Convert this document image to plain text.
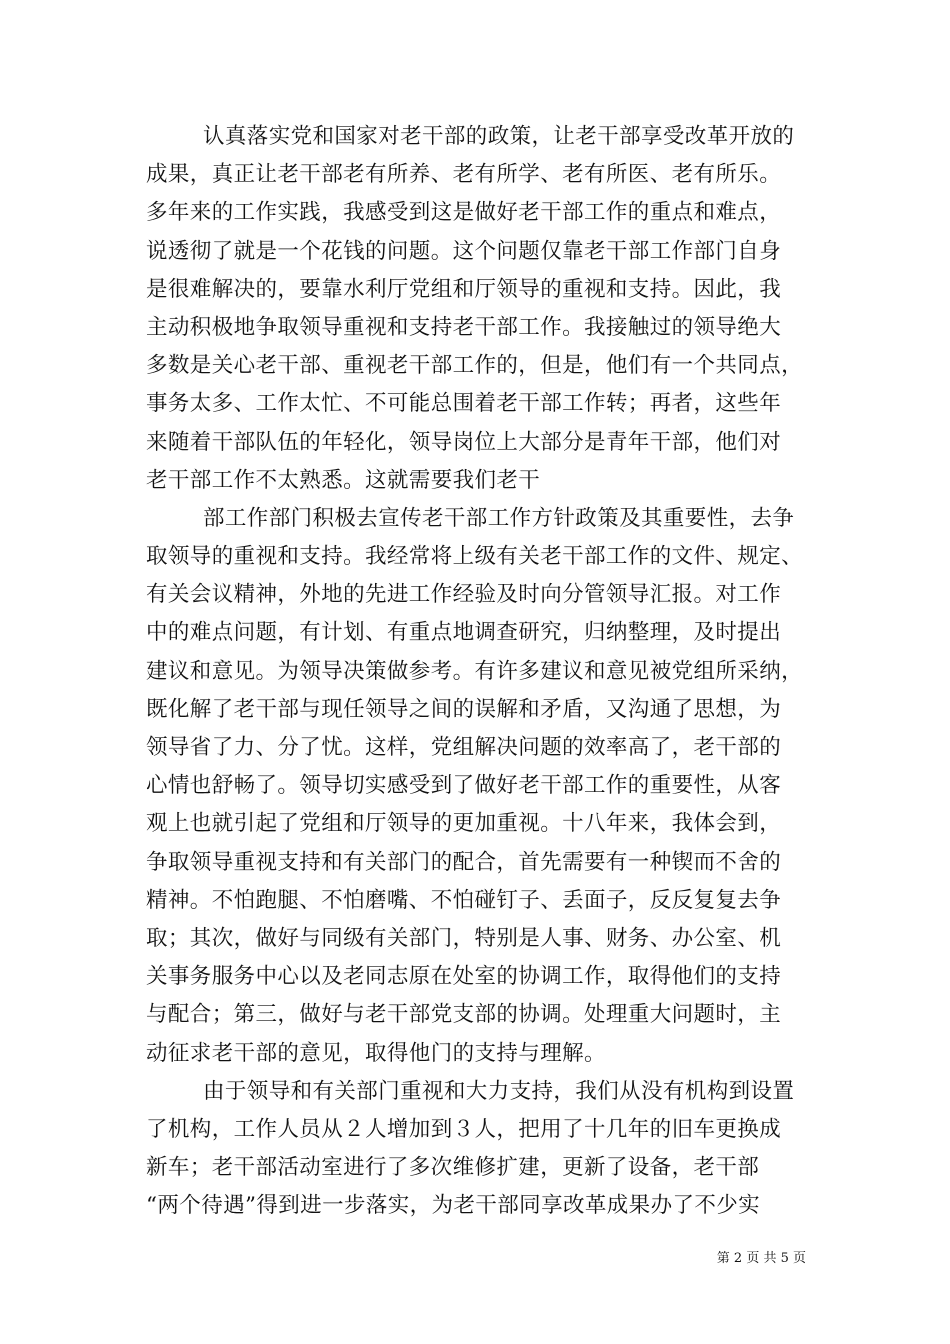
认真落实党和国家对老干部的政策，让老干部享受改革开放的
成果，真正让老干部老有所养、老有所学、老有所医、老有所乐。
多年来的工作实践，我感受到这是做好老干部工作的重点和难点，
说透彻了就是一个花钱的问题。这个问题仅靠老干部工作部门自身
是很难解决的，要靠水利厅党组和厅领导的重视和支持。因此，我
主动积极地争取领导重视和支持老干部工作。我接触过的领导绝大
多数是关心老干部、重视老干部工作的，但是，他们有一个共同点，
事务太多、工作太忙、不可能总围着老干部工作转；再者，这些年
来随着干部队伍的年轻化，领导岗位上大部分是青年干部，他们对
老干部工作不太熟悉。这就需要我们老干
部工作部门积极去宣传老干部工作方针政策及其重要性，去争
取领导的重视和支持。我经常将上级有关老干部工作的文件、规定、
有关会议精神，外地的先进工作经验及时向分管领导汇报。对工作
中的难点问题，有计划、有重点地调查研究，归纳整理，及时提出
建议和意见。为领导决策做参考。有许多建议和意见被党组所采纳，
既化解了老干部与现任领导之间的误解和矛盾，又沟通了思想，为
领导省了力、分了忧。这样，党组解决问题的效率高了，老干部的
心情也舒畅了。领导切实感受到了做好老干部工作的重要性，从客
观上也就引起了党组和厅领导的更加重视。十八年来，我体会到，
争取领导重视支持和有关部门的配合，首先需要有一种锲而不舍的
精神。不怕跑腿、不怕磨嘴、不怕碰钉子、丢面子，反反复复去争
取；其次，做好与同级有关部门，特别是人事、财务、办公室、机
关事务服务中心以及老同志原在处室的协调工作，取得他们的支持
与配合；第三，做好与老干部党支部的协调。处理重大问题时，主
动征求老干部的意见，取得他门的支持与理解。
由于领导和有关部门重视和大力支持，我们从没有机构到设置
了机构，工作人员从２人增加到３人，把用了十几年的旧车更换成
新车；老干部活动室进行了多次维修扩建，更新了设备，老干部
“两个待遇”得到进一步落实，为老干部同享改革成果办了不少实
第 2 页 共 5 页
